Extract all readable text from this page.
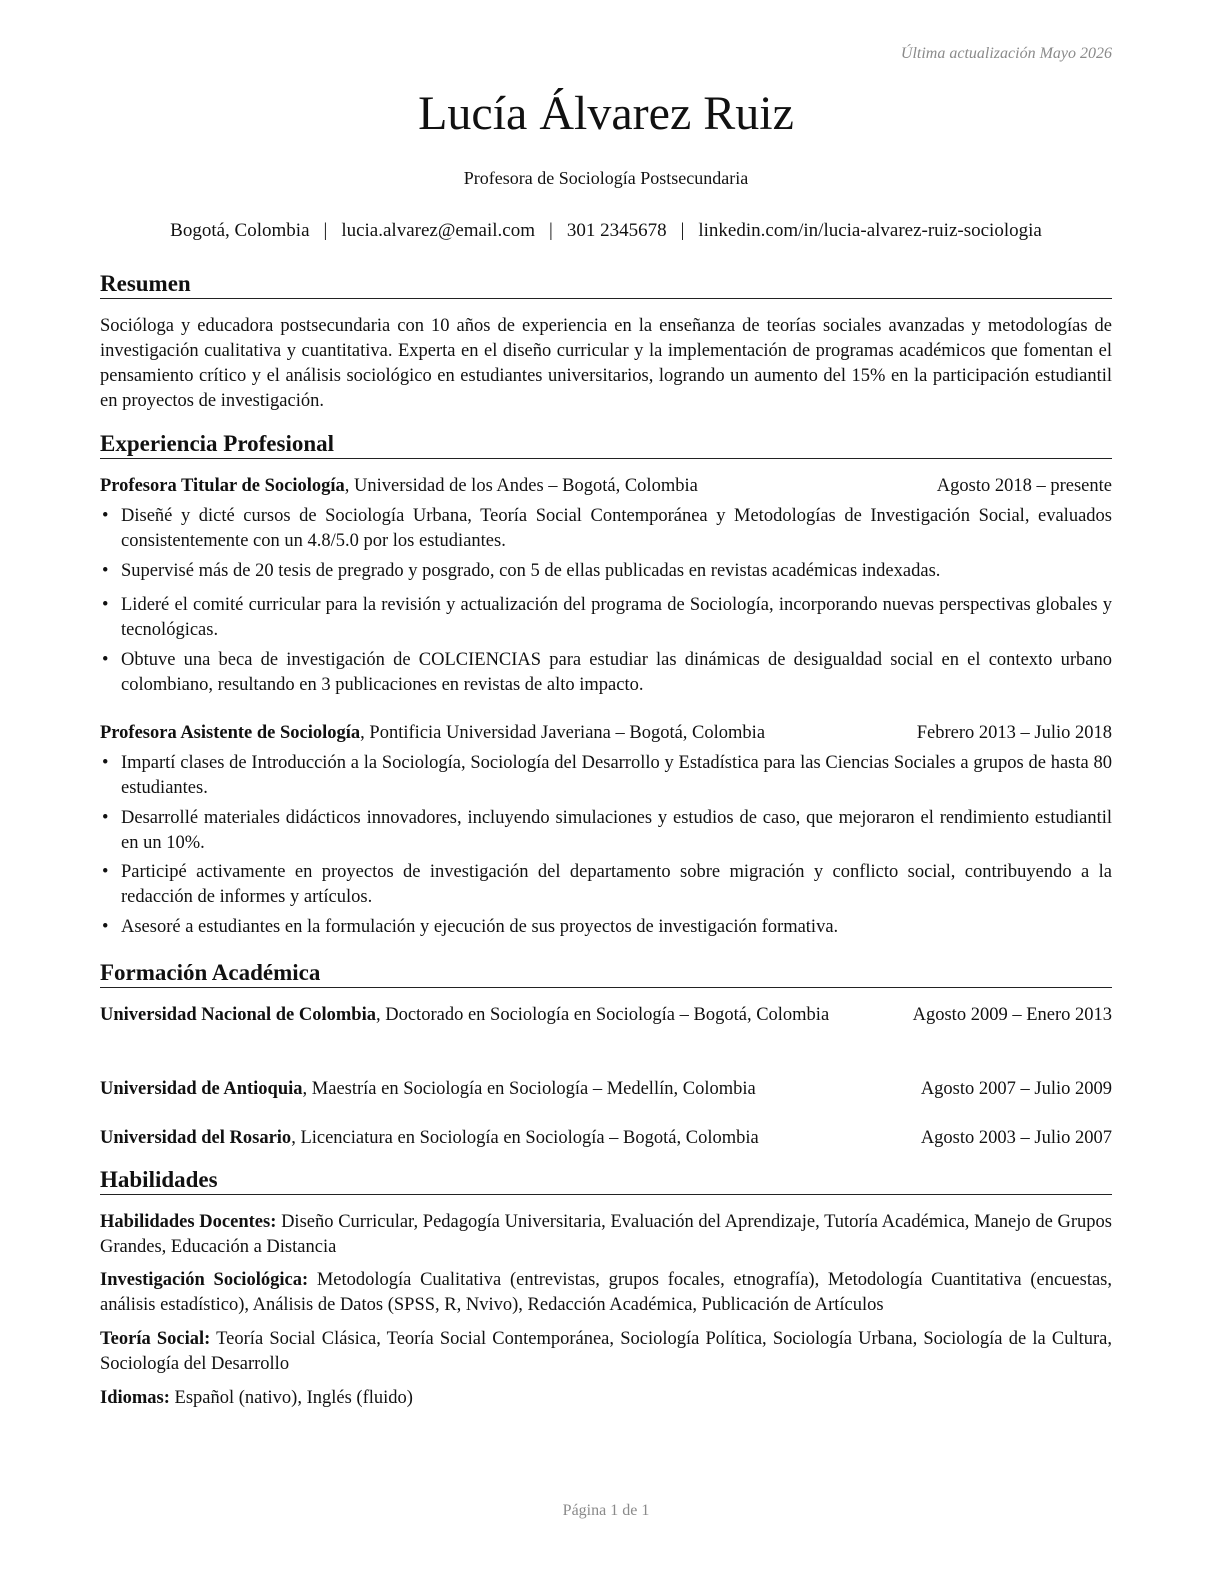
Última actualización Mayo 2026
Lucía Álvarez Ruiz
Profesora de Sociología Postsecundaria
Bogotá, Colombia | lucia.alvarez@email.com | 301 2345678 | linkedin.com/in/lucia-alvarez-ruiz-sociologia
Resumen
Socióloga y educadora postsecundaria con 10 años de experiencia en la enseñanza de teorías sociales avanzadas y metodologías de investigación cualitativa y cuantitativa. Experta en el diseño curricular y la implementación de programas académicos que fomentan el pensamiento crítico y el análisis sociológico en estudiantes universitarios, logrando un aumento del 15% en la participación estudiantil en proyectos de investigación.
Experiencia Profesional
Profesora Titular de Sociología, Universidad de los Andes – Bogotá, Colombia	Agosto 2018 – presente
• Diseñé y dicté cursos de Sociología Urbana, Teoría Social Contemporánea y Metodologías de Investigación Social, evaluados consistentemente con un 4.8/5.0 por los estudiantes.
• Supervisé más de 20 tesis de pregrado y posgrado, con 5 de ellas publicadas en revistas académicas indexadas.
• Lideré el comité curricular para la revisión y actualización del programa de Sociología, incorporando nuevas perspectivas globales y tecnológicas.
• Obtuve una beca de investigación de COLCIENCIAS para estudiar las dinámicas de desigualdad social en el contexto urbano colombiano, resultando en 3 publicaciones en revistas de alto impacto.
Profesora Asistente de Sociología, Pontificia Universidad Javeriana – Bogotá, Colombia	Febrero 2013 – Julio 2018
• Impartí clases de Introducción a la Sociología, Sociología del Desarrollo y Estadística para las Ciencias Sociales a grupos de hasta 80 estudiantes.
• Desarrollé materiales didácticos innovadores, incluyendo simulaciones y estudios de caso, que mejoraron el rendimiento estudiantil en un 10%.
• Participé activamente en proyectos de investigación del departamento sobre migración y conflicto social, contribuyendo a la redacción de informes y artículos.
• Asesoré a estudiantes en la formulación y ejecución de sus proyectos de investigación formativa.
Formación Académica
Agosto 2009 – Enero 2013
Universidad Nacional de Colombia, Doctorado en Sociología en Sociología – Bogotá, Colombia
Agosto 2007 – Julio 2009
Universidad de Antioquia, Maestría en Sociología en Sociología – Medellín, Colombia
Agosto 2003 – Julio 2007
Universidad del Rosario, Licenciatura en Sociología en Sociología – Bogotá, Colombia
Habilidades
Habilidades Docentes: Diseño Curricular, Pedagogía Universitaria, Evaluación del Aprendizaje, Tutoría Académica, Manejo de Grupos Grandes, Educación a Distancia
Investigación Sociológica: Metodología Cualitativa (entrevistas, grupos focales, etnografía), Metodología Cuantitativa (encuestas, análisis estadístico), Análisis de Datos (SPSS, R, Nvivo), Redacción Académica, Publicación de Artículos
Teoría Social: Teoría Social Clásica, Teoría Social Contemporánea, Sociología Política, Sociología Urbana, Sociología de la Cultura, Sociología del Desarrollo
Idiomas: Español (nativo), Inglés (fluido)
Página 1 de 1
